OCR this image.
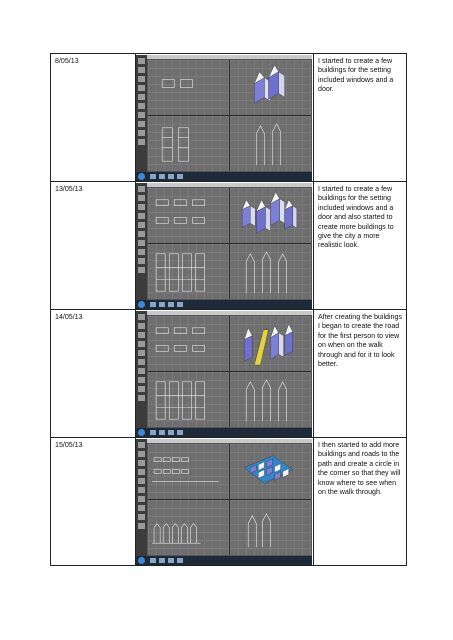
8/05/13		I started to create a few buildings for the setting included windows and a door.

13/05/13		I started to create a few buildings for the setting included windows and a door and also started to create more buildings to give the city a more realistic look.

14/05/13		After creating the buildings I began to create the road for the first person to view on when on the walk through and for it to look better.

15/05/13		I then started to add more buildings and roads to the path and create a circle in the corner so that they will know where to see when on the walk through.
